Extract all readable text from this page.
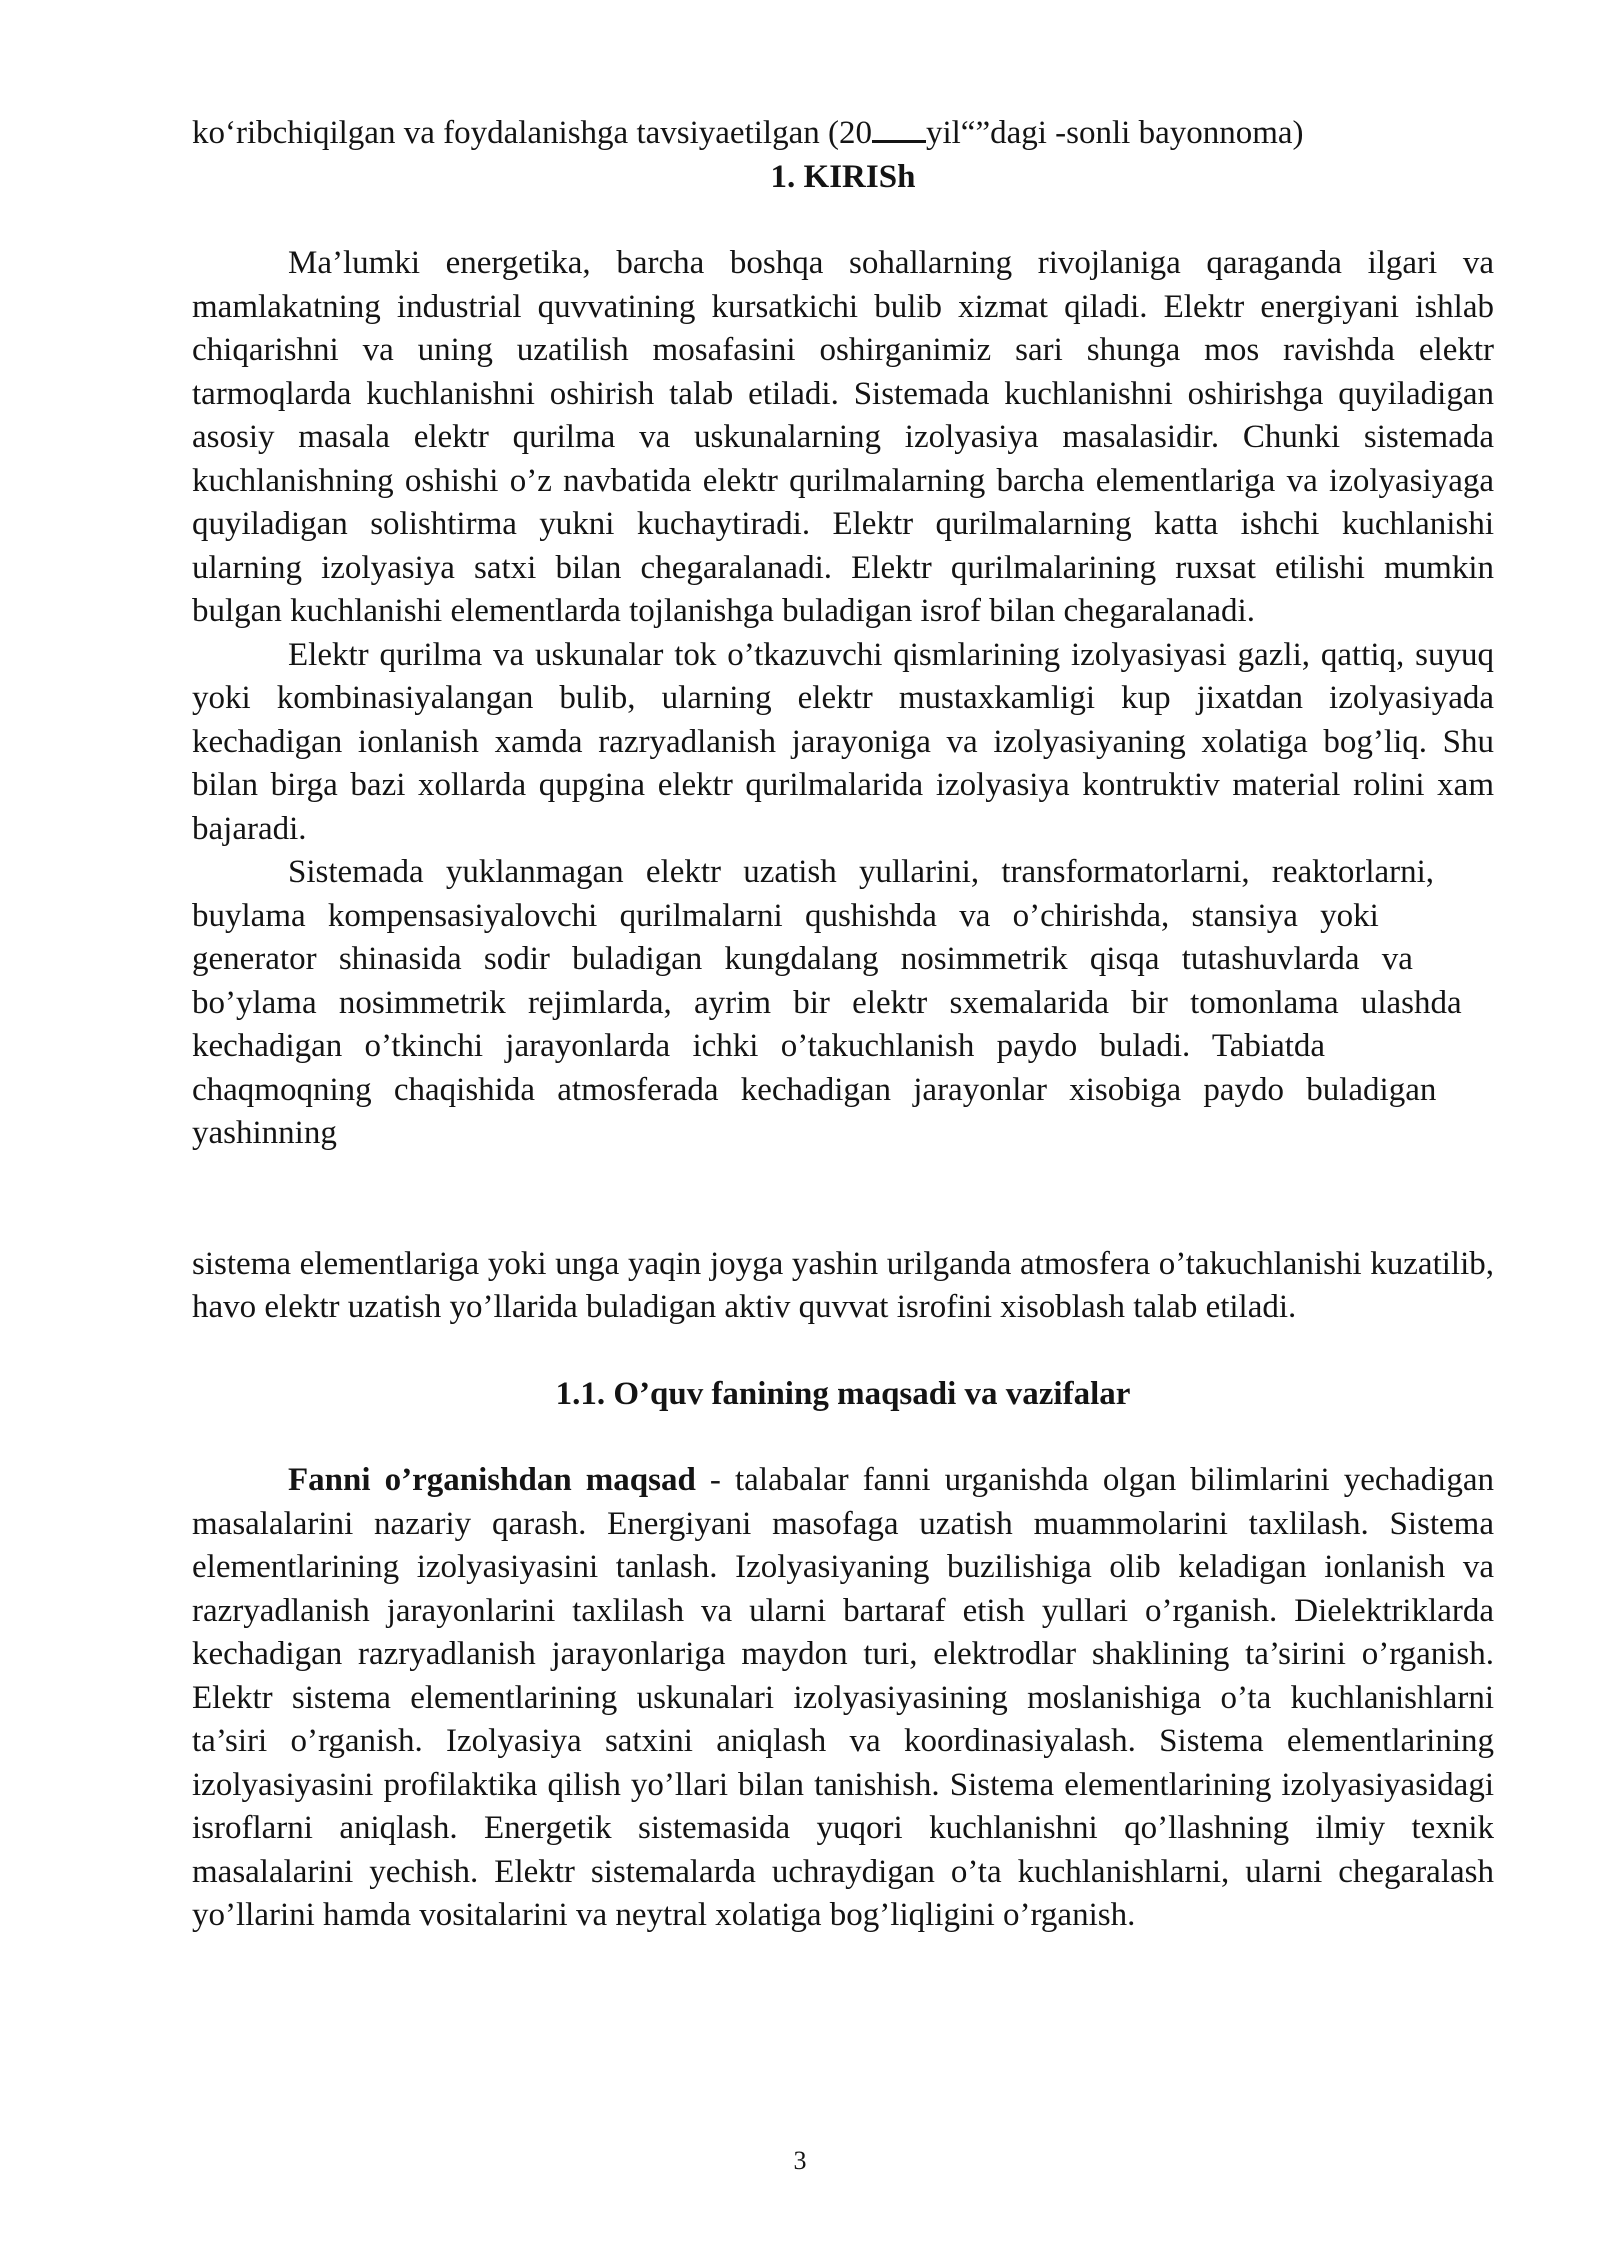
ko‘ribchiqilgan va foydalanishga tavsiyaetilgan (20 yil“”dagi -sonli bayonnoma)
1. KIRISh

Ma’lumki energetika, barcha boshqa sohallarning rivojlaniga qaraganda ilgari va mamlakatning industrial quvvatining kursatkichi bulib xizmat qiladi. Elektr energiyani ishlab chiqarishni va uning uzatilish mosafasini oshirganimiz sari shunga mos ravishda elektr tarmoqlarda kuchlanishni oshirish talab etiladi. Sistemada kuchlanishni oshirishga quyiladigan asosiy masala elektr qurilma va uskunalarning izolyasiya masalasidir. Chunki sistemada kuchlanishning oshishi o’z navbatida elektr qurilmalarning barcha elementlariga va izolyasiyaga quyiladigan solishtirma yukni kuchaytiradi. Elektr qurilmalarning katta ishchi kuchlanishi ularning izolyasiya satxi bilan chegaralanadi. Elektr qurilmalarining ruxsat etilishi mumkin bulgan kuchlanishi elementlarda tojlanishga buladigan isrof bilan chegaralanadi.

Elektr qurilma va uskunalar tok o’tkazuvchi qismlarining izolyasiyasi gazli, qattiq, suyuq yoki kombinasiyalangan bulib, ularning elektr mustaxkamligi kup jixatdan izolyasiyada kechadigan ionlanish xamda razryadlanish jarayoniga va izolyasiyaning xolatiga bog’liq. Shu bilan birga bazi xollarda qupgina elektr qurilmalarida izolyasiya kontruktiv material rolini xam bajaradi.

Sistemada yuklanmagan elektr uzatish yullarini, transformatorlarni, reaktorlarni, buylama kompensasiyalovchi qurilmalarni qushishda va o’chirishda, stansiya yoki generator shinasida sodir buladigan kungdalang nosimmetrik qisqa tutashuvlarda va bo’ylama nosimmetrik rejimlarda, ayrim bir elektr sxemalarida bir tomonlama ulashda kechadigan o’tkinchi jarayonlarda ichki o’takuchlanish paydo buladi. Tabiatda chaqmoqning chaqishida atmosferada kechadigan jarayonlar xisobiga paydo buladigan yashinning

sistema elementlariga yoki unga yaqin joyga yashin urilganda atmosfera o’takuchlanishi kuzatilib, havo elektr uzatish yo’llarida buladigan aktiv quvvat isrofini xisoblash talab etiladi.

1.1. O’quv fanining maqsadi va vazifalar

Fanni o’rganishdan maqsad - talabalar fanni urganishda olgan bilimlarini yechadigan masalalarini nazariy qarash. Energiyani masofaga uzatish muammolarini taxlilash. Sistema elementlarining izolyasiyasini tanlash. Izolyasiyaning buzilishiga olib keladigan ionlanish va razryadlanish jarayonlarini taxlilash va ularni bartaraf etish yullari o’rganish. Dielektriklarda kechadigan razryadlanish jarayonlariga maydon turi, elektrodlar shaklining ta’sirini o’rganish. Elektr sistema elementlarining uskunalari izolyasiyasining moslanishiga o’ta kuchlanishlarni ta’siri o’rganish. Izolyasiya satxini aniqlash va koordinasiyalash. Sistema elementlarining izolyasiyasini profilaktika qilish yo’llari bilan tanishish. Sistema elementlarining izolyasiyasidagi isroflarni aniqlash. Energetik sistemasida yuqori kuchlanishni qo’llashning ilmiy texnik masalalarini yechish. Elektr sistemalarda uchraydigan o’ta kuchlanishlarni, ularni chegaralash yo’llarini hamda vositalarini va neytral xolatiga bog’liqligini o’rganish.

3
